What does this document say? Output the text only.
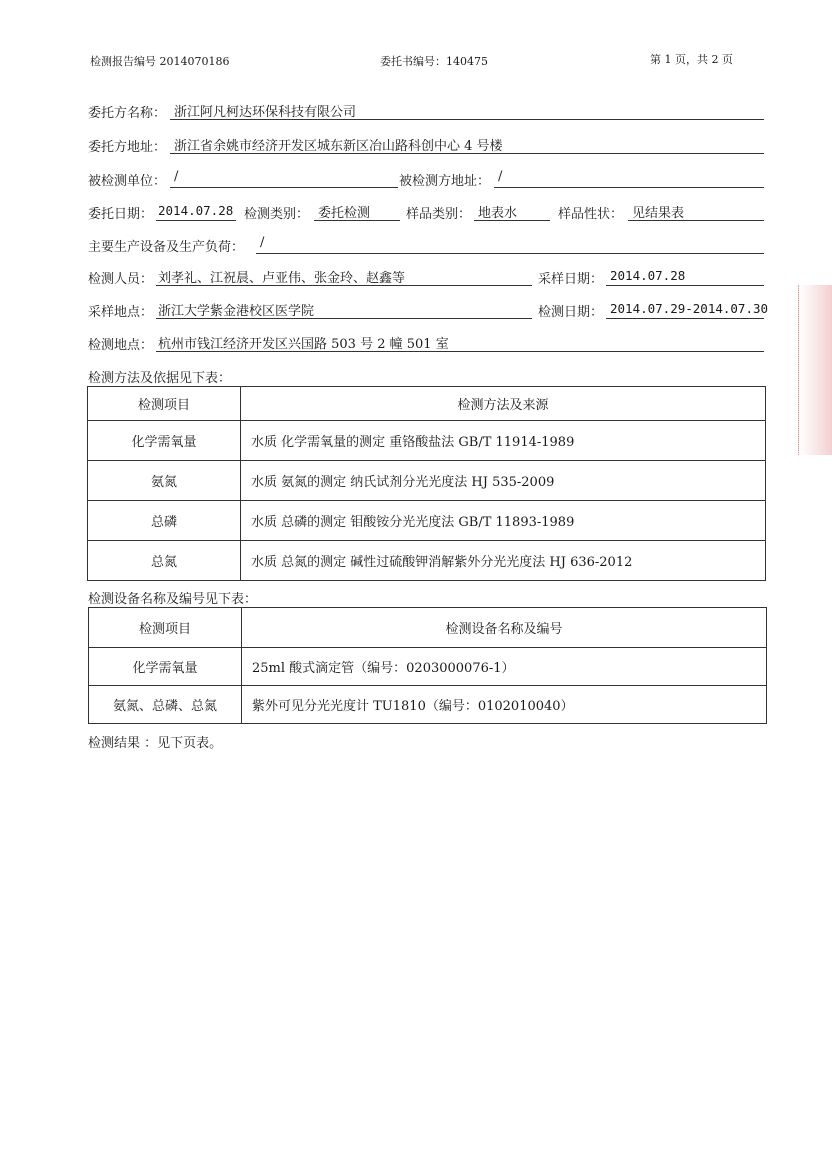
检测报告编号 2014070186	委托书编号：140475	第 1 页，共 2 页
委托方名称： 浙江阿凡柯达环保科技有限公司
委托方地址： 浙江省余姚市经济开发区城东新区冶山路科创中心 4 号楼
被检测单位： /	被检测方地址： /
委托日期： 2014.07.28 检测类别： 委托检测	样品类别： 地表水	样品性状： 见结果表
主要生产设备及生产负荷： /
检测人员： 刘孝礼、江祝晨、卢亚伟、张金玲、赵鑫等	采样日期： 2014.07.28
采样地点： 浙江大学紫金港校区医学院	检测日期： 2014.07.29-2014.07.30
检测地点： 杭州市钱江经济开发区兴国路 503 号 2 幢 501 室
检测方法及依据见下表：
检测项目	检测方法及来源
化学需氧量	水质 化学需氧量的测定 重铬酸盐法 GB/T 11914-1989
氨氮	水质 氨氮的测定 纳氏试剂分光光度法 HJ 535-2009
总磷	水质 总磷的测定 钼酸铵分光光度法 GB/T 11893-1989
总氮	水质 总氮的测定 碱性过硫酸钾消解紫外分光光度法 HJ 636-2012
检测设备名称及编号见下表：
检测项目	检测设备名称及编号
化学需氧量	25ml 酸式滴定管（编号：0203000076-1）
氨氮、总磷、总氮	紫外可见分光光度计 TU1810（编号：0102010040）
检测结果 ：见下页表。
